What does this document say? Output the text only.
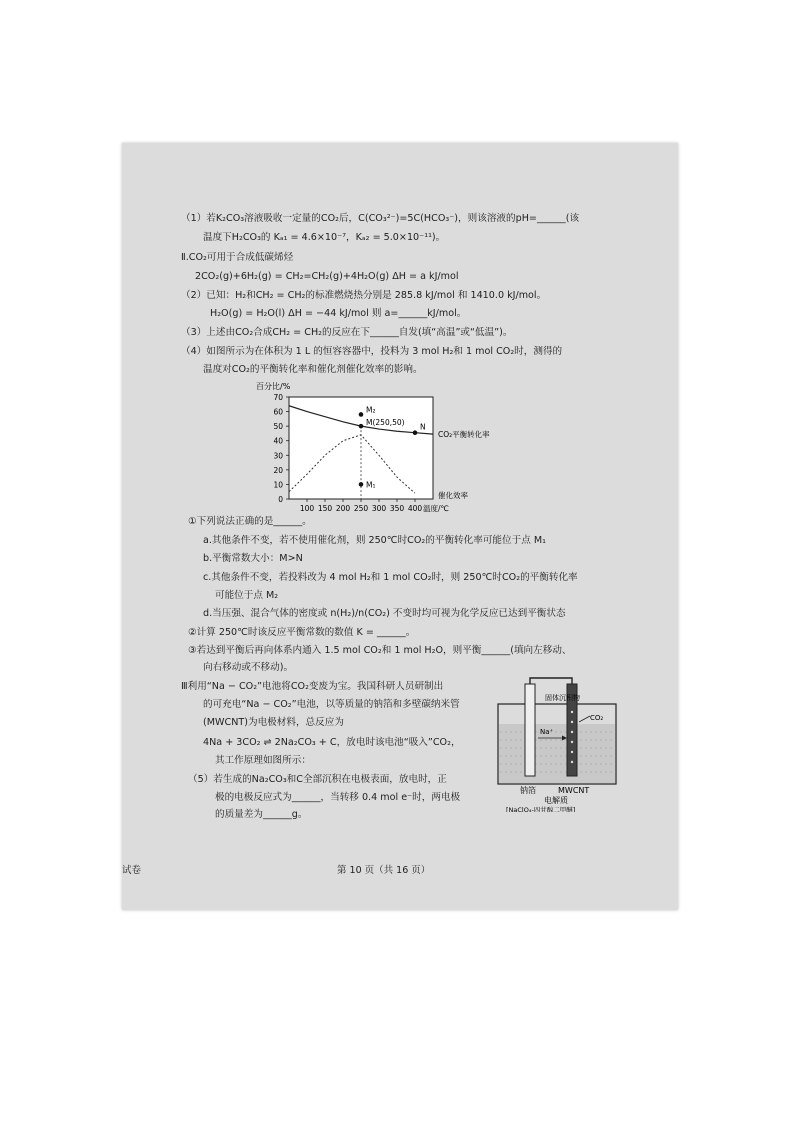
（1）若K₂CO₃溶液吸收一定量的CO₂后，C(CO₃²⁻)=5C(HCO₃⁻)，则该溶液的pH=______(该
温度下H₂CO₃的 Kₐ₁ = 4.6×10⁻⁷，Kₐ₂ = 5.0×10⁻¹¹)。
Ⅱ.CO₂可用于合成低碳烯烃
2CO₂(g)+6H₂(g) = CH₂=CH₂(g)+4H₂O(g) ΔH = a kJ/mol
（2）已知：H₂和CH₂ = CH₂的标准燃烧热分别是 285.8 kJ/mol 和 1410.0 kJ/mol。
H₂O(g) = H₂O(l) ΔH = −44 kJ/mol 则 a=______kJ/mol。
（3）上述由CO₂合成CH₂ = CH₂的反应在下______自发(填“高温”或“低温”)。
（4）如图所示为在体积为 1 L 的恒容容器中，投料为 3 mol H₂和 1 mol CO₂时，测得的
温度对CO₂的平衡转化率和催化剂催化效率的影响。
0
10
20
30
40
50
60
70
100 150 200 250 300 350 400
百分比/%
温度/℃
CO₂平衡转化率
催化效率
M₂
M(250,50)
N
M₁
①下列说法正确的是______。
a.其他条件不变，若不使用催化剂，则 250℃时CO₂的平衡转化率可能位于点 M₁
b.平衡常数大小：M>N
c.其他条件不变，若投料改为 4 mol H₂和 1 mol CO₂时，则 250℃时CO₂的平衡转化率
可能位于点 M₂
d.当压强、混合气体的密度或 n(H₂)/n(CO₂) 不变时均可视为化学反应已达到平衡状态
②计算 250℃时该反应平衡常数的数值 K = ______。
③若达到平衡后再向体系内通入 1.5 mol CO₂和 1 mol H₂O，则平衡______(填向左移动、
向右移动或不移动)。
Ⅲ利用“Na − CO₂”电池将CO₂变废为宝。我国科研人员研制出
的可充电“Na − CO₂”电池，以等质量的钠箔和多壁碳纳米管
(MWCNT)为电极材料，总反应为
4Na + 3CO₂ ⇌ 2Na₂CO₃ + C，放电时该电池“吸入”CO₂，
其工作原理如图所示：
（5）若生成的Na₂CO₃和C全部沉积在电极表面，放电时，正
极的电极反应式为______，当转移 0.4 mol e⁻时，两电极
的质量差为______g。
Na⁺
固体沉积物
CO₂
钠箔	MWCNT
电解质
[NaClO₄-四甘醇二甲醚]
试卷	第 10 页（共 16 页）
